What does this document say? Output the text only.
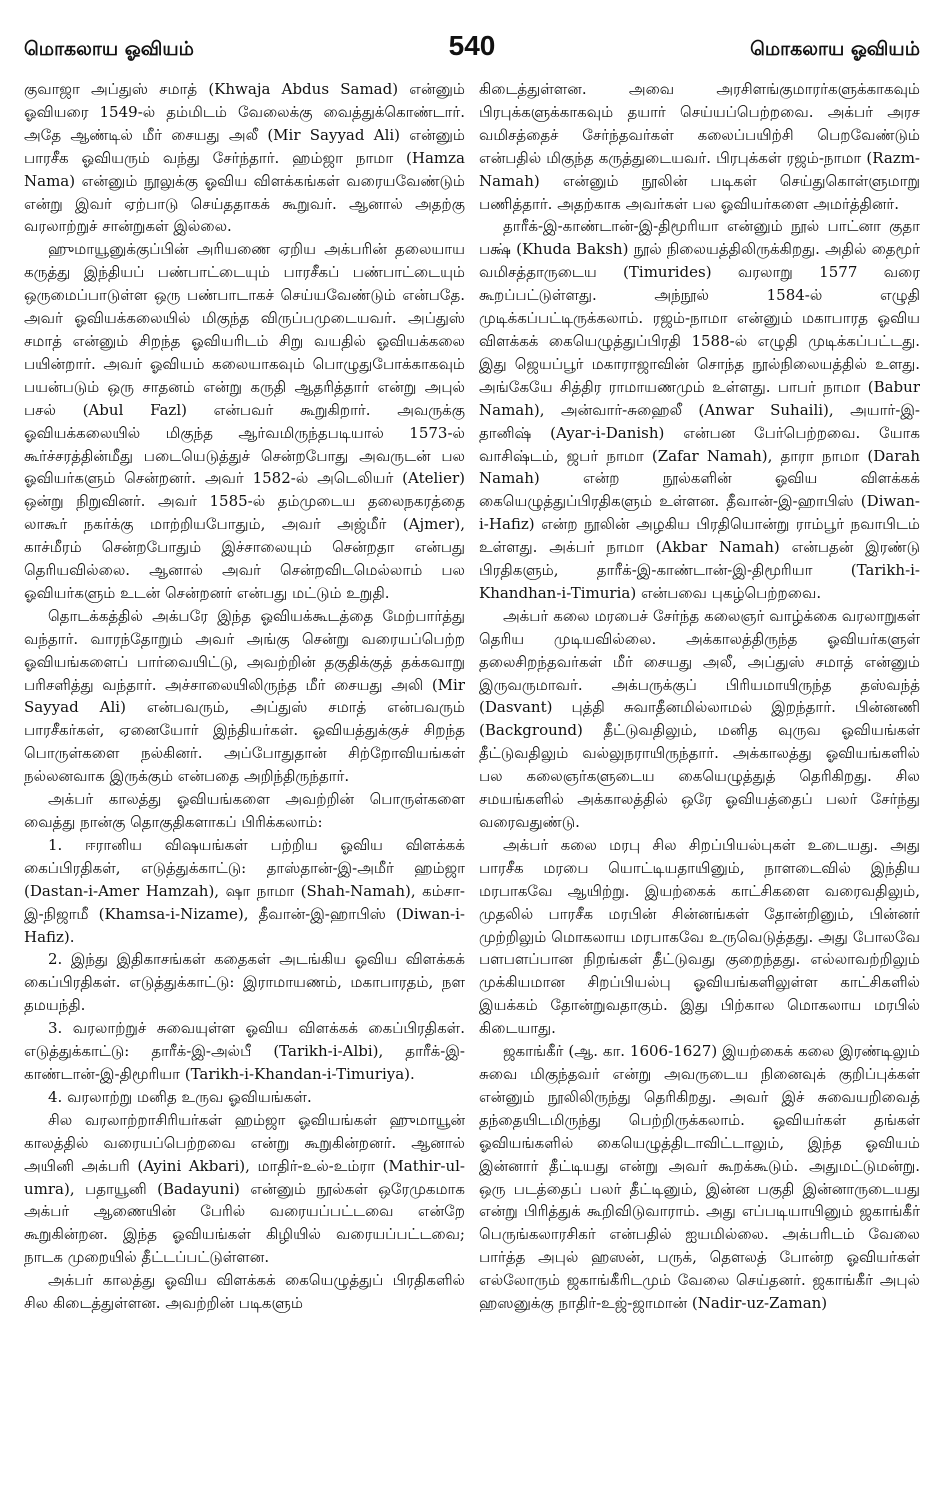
மொகலாய ஓவியம்	540	மொகலாய ஓவியம்

குவாஜா அப்துஸ் சமாத் (Khwaja Abdus Samad) என்னும் ஓவியரை 1549-ல் தம்மிடம் வேலைக்கு வைத்துக்கொண்டார். அதே ஆண்டில் மீர் சையது அலீ (Mir Sayyad Ali) என்னும் பாரசீக ஓவியரும் வந்து சேர்ந்தார். ஹம்ஜா நாமா (Hamza Nama) என்னும் நூலுக்கு ஓவிய விளக்கங்கள் வரையவேண்டும் என்று இவர் ஏற்பாடு செய்ததாகக் கூறுவர். ஆனால் அதற்கு வரலாற்றுச் சான்றுகள் இல்லை.

ஹுமாயூனுக்குப்பின் அரியணை ஏறிய அக்பரின் தலையாய கருத்து இந்தியப் பண்பாட்டையும் பாரசீகப் பண்பாட்டையும் ஒருமைப்பாடுள்ள ஒரு பண்பாடாகச் செய்யவேண்டும் என்பதே. அவர் ஓவியக்கலையில் மிகுந்த விருப்பமுடையவர். அப்துஸ் சமாத் என்னும் சிறந்த ஓவியரிடம் சிறு வயதில் ஓவியக்கலை பயின்றார். அவர் ஓவியம் கலையாகவும் பொழுதுபோக்காகவும் பயன்படும் ஒரு சாதனம் என்று கருதி ஆதரித்தார் என்று அபுல் பசல் (Abul Fazl) என்பவர் கூறுகிறார். அவருக்கு ஓவியக்கலையில் மிகுந்த ஆர்வமிருந்தபடியால் 1573-ல் கூர்ச்சரத்தின்மீது படையெடுத்துச் சென்றபோது அவருடன் பல ஓவியர்களும் சென்றனர். அவர் 1582-ல் அடெலியர் (Atelier) ஒன்று நிறுவினர். அவர் 1585-ல் தம்முடைய தலைநகரத்தை லாகூர் நகர்க்கு மாற்றியபோதும், அவர் அஜ்மீர் (Ajmer), காச்மீரம் சென்றபோதும் இச்சாலையும் சென்றதா என்பது தெரியவில்லை. ஆனால் அவர் சென்றவிடமெல்லாம் பல ஓவியர்களும் உடன் சென்றனர் என்பது மட்டும் உறுதி.

தொடக்கத்தில் அக்பரே இந்த ஓவியக்கூடத்தை மேற்பார்த்து வந்தார். வாரந்தோறும் அவர் அங்கு சென்று வரையப்பெற்ற ஓவியங்களைப் பார்வையிட்டு, அவற்றின் தகுதிக்குத் தக்கவாறு பரிசளித்து வந்தார். அச்சாலையிலிருந்த மீர் சையது அலி (Mir Sayyad Ali) என்பவரும், அப்துஸ் சமாத் என்பவரும் பாரசீகர்கள், ஏனையோர் இந்தியர்கள். ஓவியத்துக்குச் சிறந்த பொருள்களை நல்கினர். அப்போதுதான் சிற்றோவியங்கள் நல்லனவாக இருக்கும் என்பதை அறிந்திருந்தார்.

அக்பர் காலத்து ஓவியங்களை அவற்றின் பொருள்களை வைத்து நான்கு தொகுதிகளாகப் பிரிக்கலாம்:

1. ஈரானிய விஷயங்கள் பற்றிய ஓவிய விளக்கக் கைப்பிரதிகள், எடுத்துக்காட்டு: தாஸ்தான்-இ-அமீர் ஹம்ஜா (Dastan-i-Amer Hamzah), ஷா நாமா (Shah-Namah), கம்சா-இ-நிஜாமீ (Khamsa-i-Nizame), தீவான்-இ-ஹாபிஸ் (Diwan-i-Hafiz).

2. இந்து இதிகாசங்கள் கதைகள் அடங்கிய ஓவிய விளக்கக் கைப்பிரதிகள். எடுத்துக்காட்டு: இராமாயணம், மகாபாரதம், நள தமயந்தி.

3. வரலாற்றுச் சுவையுள்ள ஓவிய விளக்கக் கைப்பிரதிகள். எடுத்துக்காட்டு: தாரீக்-இ-அல்பீ (Tarikh-i-Albi), தாரீக்-இ-காண்டான்-இ-திமூரியா (Tarikh-i-Khandan-i-Timuriya).

4. வரலாற்று மனித உருவ ஓவியங்கள்.

சில வரலாற்றாசிரியர்கள் ஹம்ஜா ஓவியங்கள் ஹுமாயூன் காலத்தில் வரையப்பெற்றவை என்று கூறுகின்றனர். ஆனால் அயினி அக்பரி (Ayini Akbari), மாதிர்-உல்-உம்ரா (Mathir-ul-umra), பதாயூனி (Badayuni) என்னும் நூல்கள் ஒரேமுகமாக அக்பர் ஆணையின் பேரில் வரையப்பட்டவை என்றே கூறுகின்றன. இந்த ஓவியங்கள் கிழியில் வரையப்பட்டவை; நாடக முறையில் தீட்டப்பட்டுள்ளன.

அக்பர் காலத்து ஓவிய விளக்கக் கையெழுத்துப் பிரதிகளில் சில கிடைத்துள்ளன. அவற்றின் படிகளும்

கிடைத்துள்ளன. அவை அரசிளங்குமாரர்களுக்காகவும் பிரபுக்களுக்காகவும் தயார் செய்யப்பெற்றவை. அக்பர் அரச வமிசத்தைச் சேர்ந்தவர்கள் கலைப்பயிற்சி பெறவேண்டும் என்பதில் மிகுந்த கருத்துடையவர். பிரபுக்கள் ரஜம்-நாமா (Razm-Namah) என்னும் நூலின் படிகள் செய்துகொள்ளுமாறு பணித்தார். அதற்காக அவர்கள் பல ஓவியர்களை அமர்த்தினர்.

தாரீக்-இ-காண்டான்-இ-திமூரியா என்னும் நூல் பாட்னா குதா பக்ஷ் (Khuda Baksh) நூல் நிலையத்திலிருக்கிறது. அதில் தைமூர் வமிசத்தாருடைய (Timurides) வரலாறு 1577 வரை கூறப்பட்டுள்ளது. அந்நூல் 1584-ல் எழுதி முடிக்கப்பட்டிருக்கலாம். ரஜம்-நாமா என்னும் மகாபாரத ஓவிய விளக்கக் கையெழுத்துப்பிரதி 1588-ல் எழுதி முடிக்கப்பட்டது. இது ஜெயப்பூர் மகாராஜாவின் சொந்த நூல்நிலையத்தில் உளது. அங்கேயே சித்திர ராமாயணமும் உள்ளது. பாபர் நாமா (Babur Namah), அன்வார்-சுஹைலீ (Anwar Suhaili), அயார்-இ-தானிஷ் (Ayar-i-Danish) என்பன பேர்பெற்றவை. யோக வாசிஷ்டம், ஜபர் நாமா (Zafar Namah), தாரா நாமா (Darah Namah) என்ற நூல்களின் ஓவிய விளக்கக் கையெழுத்துப்பிரதிகளும் உள்ளன. தீவான்-இ-ஹாபிஸ் (Diwan-i-Hafiz) என்ற நூலின் அழகிய பிரதியொன்று ராம்பூர் நவாபிடம் உள்ளது. அக்பர் நாமா (Akbar Namah) என்பதன் இரண்டு பிரதிகளும், தாரீக்-இ-காண்டான்-இ-திமூரியா (Tarikh-i-Khandhan-i-Timuria) என்பவை புகழ்பெற்றவை.

அக்பர் கலை மரபைச் சேர்ந்த கலைஞர் வாழ்க்கை வரலாறுகள் தெரிய முடியவில்லை. அக்காலத்திருந்த ஓவியர்களுள் தலைசிறந்தவர்கள் மீர் சையது அலீ, அப்துஸ் சமாத் என்னும் இருவருமாவர். அக்பருக்குப் பிரியமாயிருந்த தஸ்வந்த் (Dasvant) புத்தி சுவாதீனமில்லாமல் இறந்தார். பின்னணி (Background) தீட்டுவதிலும், மனித வுருவ ஓவியங்கள் தீட்டுவதிலும் வல்லுநராயிருந்தார். அக்காலத்து ஓவியங்களில் பல கலைஞர்களுடைய கையெழுத்துத் தெரிகிறது. சில சமயங்களில் அக்காலத்தில் ஒரே ஓவியத்தைப் பலர் சேர்ந்து வரைவதுண்டு.

அக்பர் கலை மரபு சில சிறப்பியல்புகள் உடையது. அது பாரசீக மரபை யொட்டியதாயினும், நாளடைவில் இந்திய மரபாகவே ஆயிற்று. இயற்கைக் காட்சிகளை வரைவதிலும், முதலில் பாரசீக மரபின் சின்னங்கள் தோன்றினும், பின்னர் முற்றிலும் மொகலாய மரபாகவே உருவெடுத்தது. அது போலவே பளபளப்பான நிறங்கள் தீட்டுவது குறைந்தது. எல்லாவற்றிலும் முக்கியமான சிறப்பியல்பு ஓவியங்களிலுள்ள காட்சிகளில் இயக்கம் தோன்றுவதாகும். இது பிற்கால மொகலாய மரபில் கிடையாது.

ஜகாங்கீர் (ஆ. கா. 1606-1627) இயற்கைக் கலை இரண்டிலும் சுவை மிகுந்தவர் என்று அவருடைய நினைவுக் குறிப்புக்கள் என்னும் நூலிலிருந்து தெரிகிறது. அவர் இச் சுவையறிவைத் தந்தையிடமிருந்து பெற்றிருக்கலாம். ஓவியர்கள் தங்கள் ஓவியங்களில் கையெழுத்திடாவிட்டாலும், இந்த ஓவியம் இன்னார் தீட்டியது என்று அவர் கூறக்கூடும். அதுமட்டுமன்று. ஒரு படத்தைப் பலர் தீட்டினும், இன்ன பகுதி இன்னாருடையது என்று பிரித்துக் கூறிவிடுவாராம். அது எப்படியாயினும் ஜகாங்கீர் பெருங்கலாரசிகர் என்பதில் ஐயமில்லை. அக்பரிடம் வேலை பார்த்த அபுல் ஹஸன், பருக், தௌலத் போன்ற ஓவியர்கள் எல்லோரும் ஜகாங்கீரிடமும் வேலை செய்தனர். ஜகாங்கீர் அபுல் ஹஸனுக்கு நாதிர்-உஜ்-ஜாமான் (Nadir-uz-Zaman)
